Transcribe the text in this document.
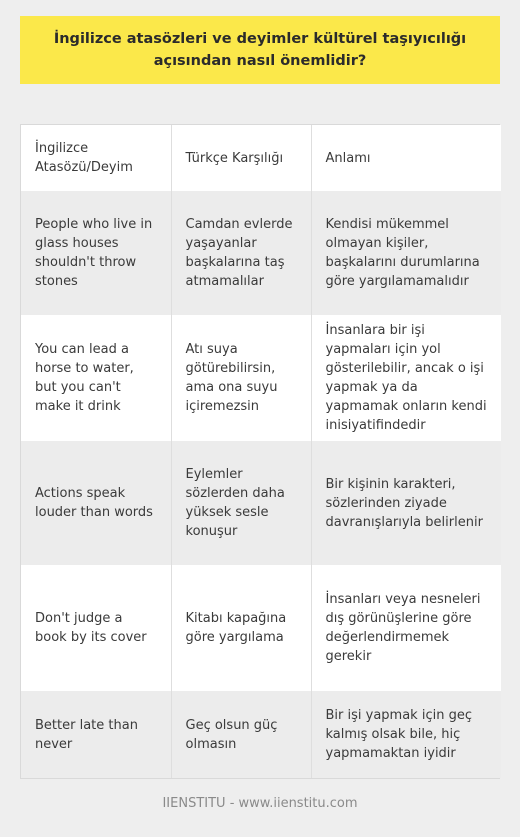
İngilizce atasözleri ve deyimler kültürel taşıyıcılığı açısından nasıl önemlidir?
İngilizce Atasözü/Deyim	Türkçe Karşılığı	Anlamı
People who live in glass houses shouldn't throw stones	Camdan evlerde yaşayanlar başkalarına taş atmamalılar	Kendisi mükemmel olmayan kişiler, başkalarını durumlarına göre yargılamamalıdır
You can lead a horse to water, but you can't make it drink	Atı suya götürebilirsin, ama ona suyu içiremezsin	İnsanlara bir işi yapmaları için yol gösterilebilir, ancak o işi yapmak ya da yapmamak onların kendi inisiyatifindedir
Actions speak louder than words	Eylemler sözlerden daha yüksek sesle konuşur	Bir kişinin karakteri, sözlerinden ziyade davranışlarıyla belirlenir
Don't judge a book by its cover	Kitabı kapağına göre yargılama	İnsanları veya nesneleri dış görünüşlerine göre değerlendirmemek gerekir
Better late than never	Geç olsun güç olmasın	Bir işi yapmak için geç kalmış olsak bile, hiç yapmamaktan iyidir
IIENSTITU - www.iienstitu.com
